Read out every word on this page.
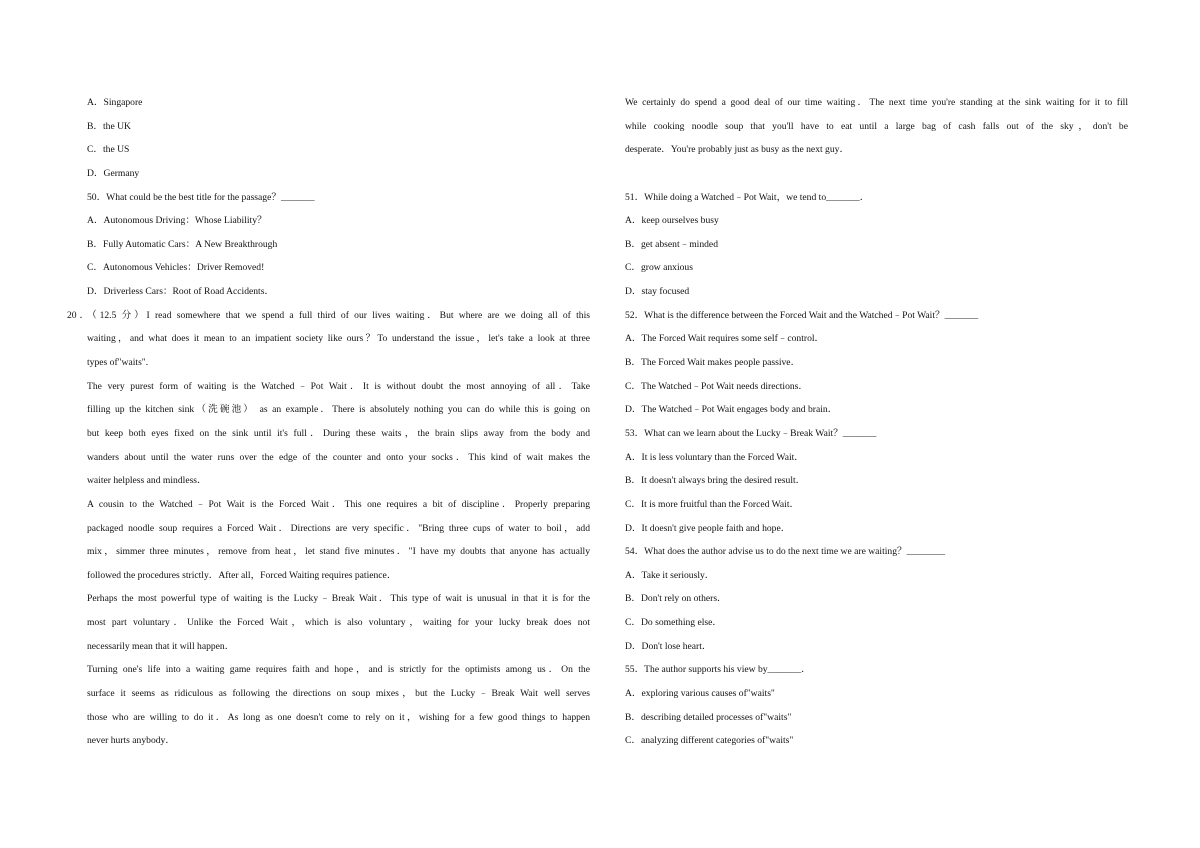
A．Singapore
B．the UK
C．the US
D．Germany
50．What could be the best title for the passage？_______
A．Autonomous Driving：Whose Liability？
B．Fully Automatic Cars：A New Breakthrough
C．Autonomous Vehicles：Driver Removed!
D．Driverless Cars：Root of Road Accidents．
20．（12.5 分）I read somewhere that we spend a full third of our lives waiting．But where are we doing all of this
waiting，and what does it mean to an impatient society like ours？To understand the issue，let's take a look at three
types of"waits".
The very purest form of waiting is the Watched﹣Pot Wait．It is without doubt the most annoying of all．Take
filling up the kitchen sink（洗碗池） as an example．There is absolutely nothing you can do while this is going on
but keep both eyes fixed on the sink until it's full．During these waits，the brain slips away from the body and
wanders about until the water runs over the edge of the counter and onto your socks．This kind of wait makes the
waiter helpless and mindless．
A cousin to the Watched﹣Pot Wait is the Forced Wait．This one requires a bit of discipline．Properly preparing
packaged noodle soup requires a Forced Wait．Directions are very specific．"Bring three cups of water to boil，add
mix，simmer three minutes，remove from heat，let stand five minutes．"I have my doubts that anyone has actually
followed the procedures strictly．After all，Forced Waiting requires patience．
Perhaps the most powerful type of waiting is the Lucky﹣Break Wait．This type of wait is unusual in that it is for the
most part voluntary．Unlike the Forced Wait，which is also voluntary，waiting for your lucky break does not
necessarily mean that it will happen．
Turning one's life into a waiting game requires faith and hope，and is strictly for the optimists among us．On the
surface it seems as ridiculous as following the directions on soup mixes，but the Lucky﹣Break Wait well serves
those who are willing to do it．As long as one doesn't come to rely on it，wishing for a few good things to happen
never hurts anybody．
We certainly do spend a good deal of our time waiting．The next time you're standing at the sink waiting for it to fill
while cooking noodle soup that you'll have to eat until a large bag of cash falls out of the sky，don't be
desperate．You're probably just as busy as the next guy．
51．While doing a Watched﹣Pot Wait，we tend to_______．
A．keep ourselves busy
B．get absent﹣minded
C．grow anxious
D．stay focused
52．What is the difference between the Forced Wait and the Watched﹣Pot Wait？_______
A．The Forced Wait requires some self﹣control．
B．The Forced Wait makes people passive．
C．The Watched﹣Pot Wait needs directions．
D．The Watched﹣Pot Wait engages body and brain．
53．What can we learn about the Lucky﹣Break Wait？_______
A．It is less voluntary than the Forced Wait．
B．It doesn't always bring the desired result．
C．It is more fruitful than the Forced Wait．
D．It doesn't give people faith and hope．
54．What does the author advise us to do the next time we are waiting？________
A．Take it seriously．
B．Don't rely on others．
C．Do something else．
D．Don't lose heart．
55．The author supports his view by_______．
A．exploring various causes of"waits"
B．describing detailed processes of"waits"
C．analyzing different categories of"waits"
